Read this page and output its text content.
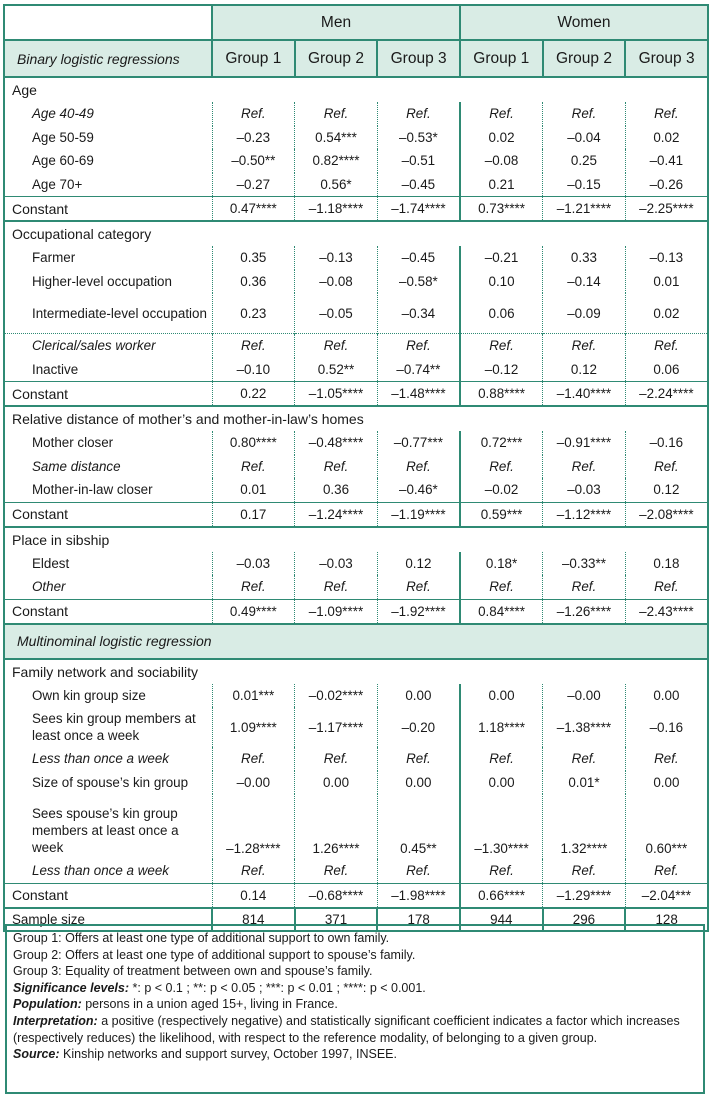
	Men			Women		
Binary logistic regressions	Group 1	Group 2	Group 3	Group 1	Group 2	Group 3
Age						
Age 40-49	Ref.	Ref.	Ref.	Ref.	Ref.	Ref.
Age 50-59	–0.23	0.54***	–0.53*	0.02	–0.04	0.02
Age 60-69	–0.50**	0.82****	–0.51	–0.08	0.25	–0.41
Age 70+	–0.27	0.56*	–0.45	0.21	–0.15	–0.26
Constant	0.47****	–1.18****	–1.74****	0.73****	–1.21****	–2.25****
Occupational category						
Farmer	0.35	–0.13	–0.45	–0.21	0.33	–0.13
Higher-level occupation	0.36	–0.08	–0.58*	0.10	–0.14	0.01
Intermediate-level occupation	0.23	–0.05	–0.34	0.06	–0.09	0.02
Clerical/sales worker	Ref.	Ref.	Ref.	Ref.	Ref.	Ref.
Inactive	–0.10	0.52**	–0.74**	–0.12	0.12	0.06
Constant	0.22	–1.05****	–1.48****	0.88****	–1.40****	–2.24****
Relative distance of mother’s and mother-in-law’s homes						
Mother closer	0.80****	–0.48****	–0.77***	0.72***	–0.91****	–0.16
Same distance	Ref.	Ref.	Ref.	Ref.	Ref.	Ref.
Mother-in-law closer	0.01	0.36	–0.46*	–0.02	–0.03	0.12
Constant	0.17	–1.24****	–1.19****	0.59***	–1.12****	–2.08****
Place in sibship						
Eldest	–0.03	–0.03	0.12	0.18*	–0.33**	0.18
Other	Ref.	Ref.	Ref.	Ref.	Ref.	Ref.
Constant	0.49****	–1.09****	–1.92****	0.84****	–1.26****	–2.43****
Multinominal logistic regression						
Family network and sociability						
Own kin group size	0.01***	–0.02****	0.00	0.00	–0.00	0.00
Sees kin group members at least once a week	1.09****	–1.17****	–0.20	1.18****	–1.38****	–0.16
Less than once a week	Ref.	Ref.	Ref.	Ref.	Ref.	Ref.
Size of spouse’s kin group	–0.00	0.00	0.00	0.00	0.01*	0.00
Sees spouse’s kin group members at least once a week	–1.28****	1.26****	0.45**	–1.30****	1.32****	0.60***
Less than once a week	Ref.	Ref.	Ref.	Ref.	Ref.	Ref.
Constant	0.14	–0.68****	–1.98****	0.66****	–1.29****	–2.04***
Sample size	814	371	178	944	296	128

Group 1: Offers at least one type of additional support to own family.

Group 2: Offers at least one type of additional support to spouse’s family.

Group 3: Equality of treatment between own and spouse’s family.

Significance levels: *: p < 0.1 ; **: p < 0.05 ; ***: p < 0.01 ; ****: p < 0.001.

Population: persons in a union aged 15+, living in France.

Interpretation: a positive (respectively negative) and statistically significant coefficient indicates a factor which increases (respectively reduces) the likelihood, with respect to the reference modality, of belonging to a given group.

Source: Kinship networks and support survey, October 1997, INSEE.
